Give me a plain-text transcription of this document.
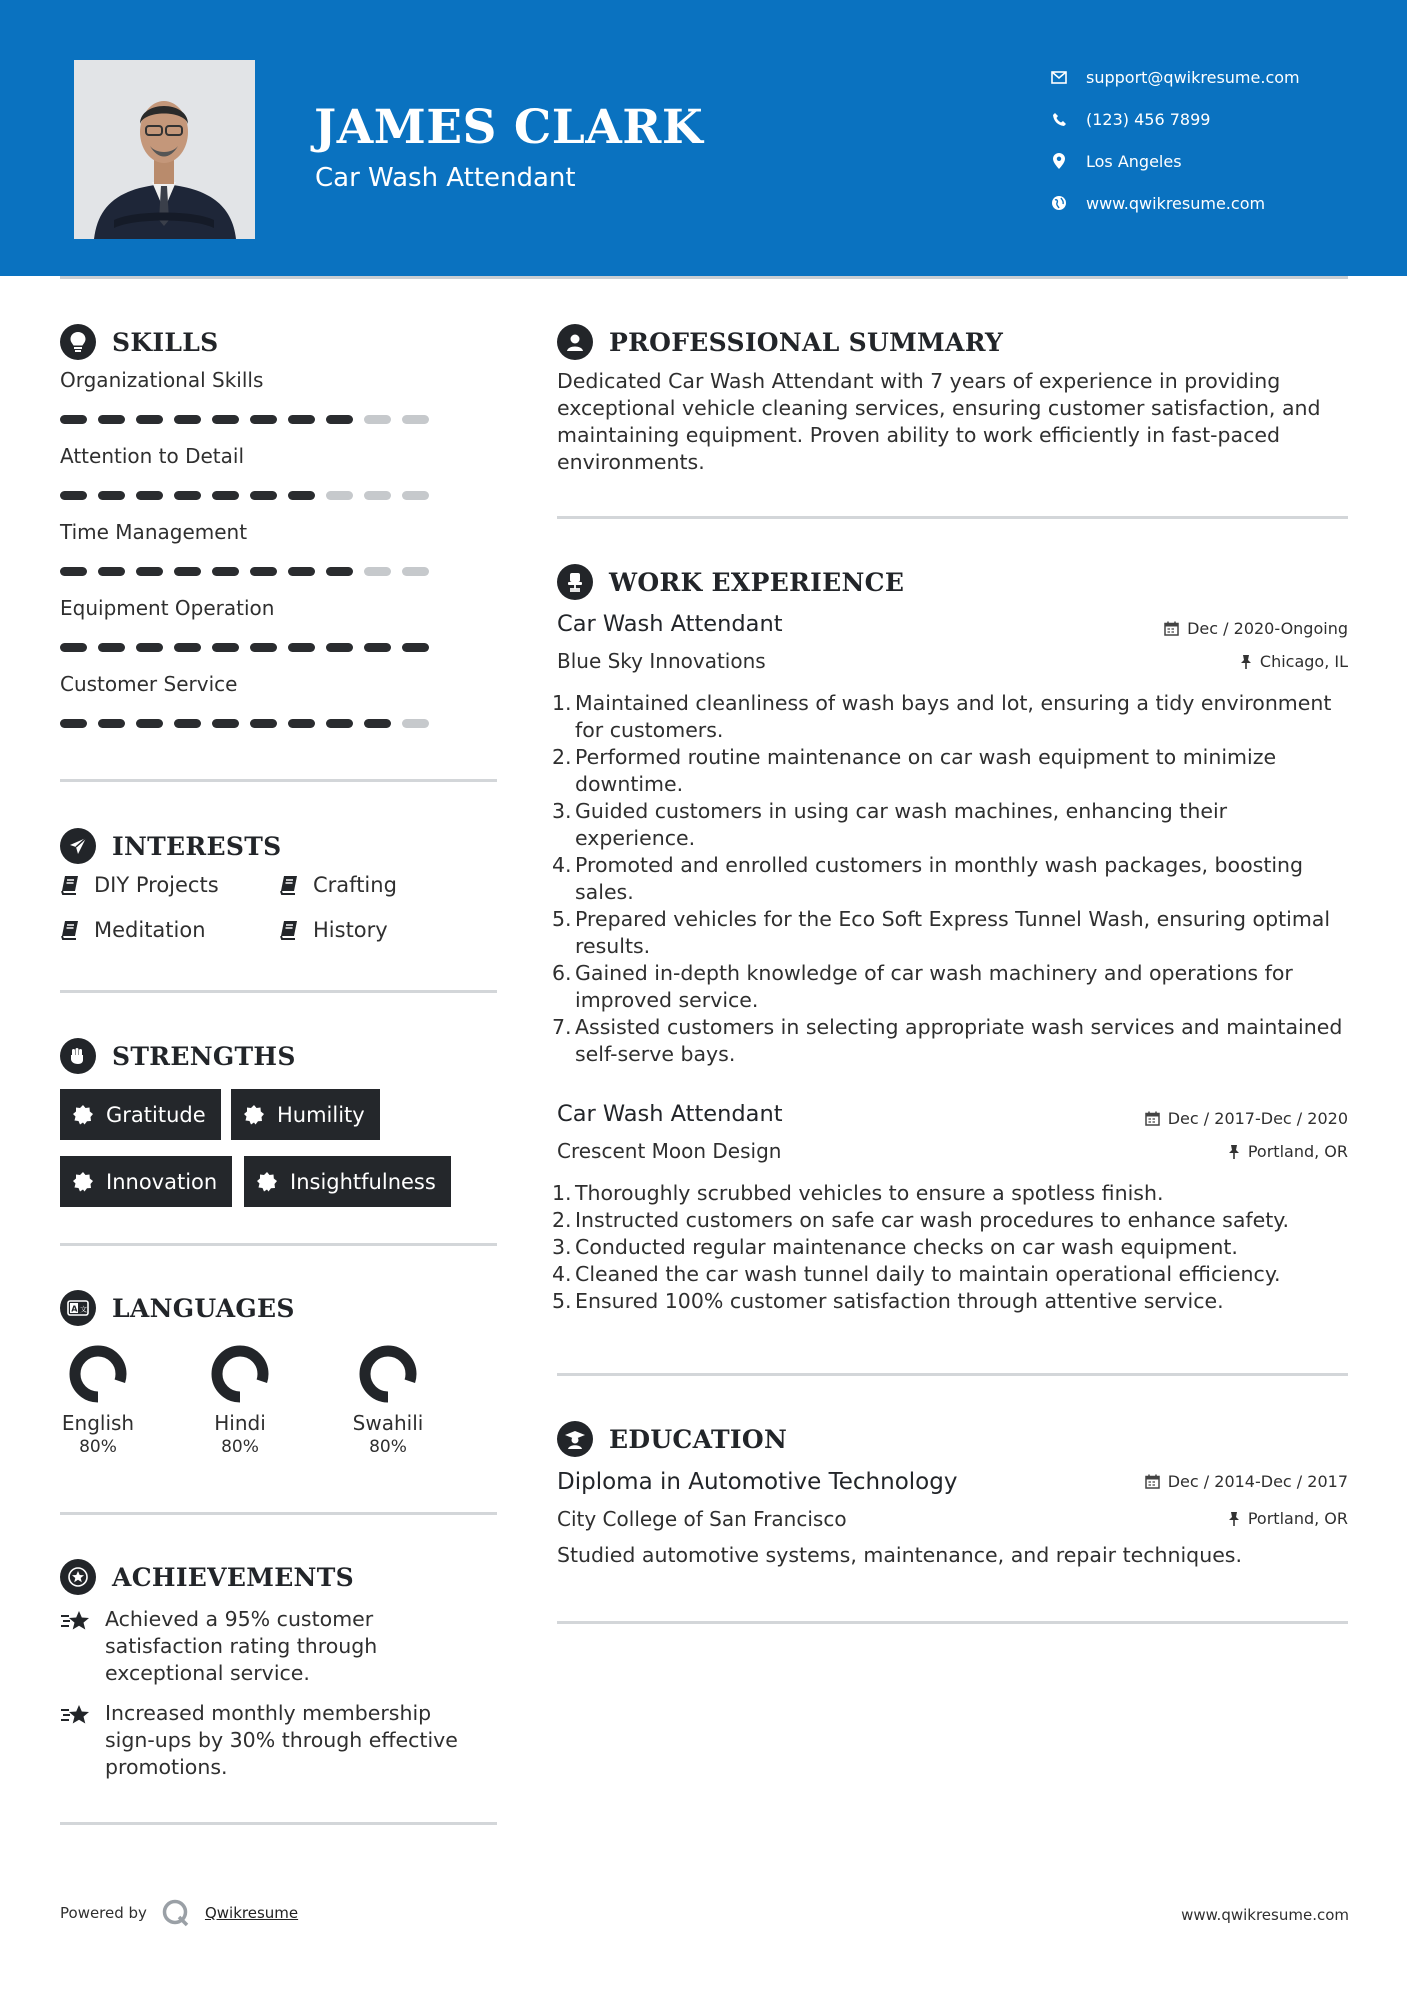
JAMES CLARK
Car Wash Attendant
support@qwikresume.com
(123) 456 7899
Los Angeles
www.qwikresume.com
SKILLS
Organizational Skills
Attention to Detail
Time Management
Equipment Operation
Customer Service
INTERESTS
DIY Projects	Crafting
Meditation	History
STRENGTHS
Gratitude	Humility
Innovation	Insightfulness
A 文 LANGUAGES
English
80%
Hindi
80%
Swahili
80%
ACHIEVEMENTS
Achieved a 95% customer satisfaction rating through exceptional service.
Increased monthly membership sign-ups by 30% through effective promotions.
PROFESSIONAL SUMMARY
Dedicated Car Wash Attendant with 7 years of experience in providing exceptional vehicle cleaning services, ensuring customer satisfaction, and maintaining equipment. Proven ability to work efficiently in fast-paced environments.
WORK EXPERIENCE
Car Wash Attendant	Dec / 2020-Ongoing
Blue Sky Innovations	Chicago, IL
1.
Maintained cleanliness of wash bays and lot, ensuring a tidy environment for customers.
2.
Performed routine maintenance on car wash equipment to minimize downtime.
3.
Guided customers in using car wash machines, enhancing their experience.
4.
Promoted and enrolled customers in monthly wash packages, boosting sales.
5.
Prepared vehicles for the Eco Soft Express Tunnel Wash, ensuring optimal results.
6.
Gained in-depth knowledge of car wash machinery and operations for improved service.
7.
Assisted customers in selecting appropriate wash services and maintained self-serve bays.
Car Wash Attendant	Dec / 2017-Dec / 2020
Crescent Moon Design	Portland, OR
1.
Thoroughly scrubbed vehicles to ensure a spotless finish.
2.
Instructed customers on safe car wash procedures to enhance safety.
3.
Conducted regular maintenance checks on car wash equipment.
4.
Cleaned the car wash tunnel daily to maintain operational efficiency.
5.
Ensured 100% customer satisfaction through attentive service.
EDUCATION
Diploma in Automotive Technology	Dec / 2014-Dec / 2017
City College of San Francisco	Portland, OR
Studied automotive systems, maintenance, and repair techniques.
Powered by	Qwikresume	www.qwikresume.com
